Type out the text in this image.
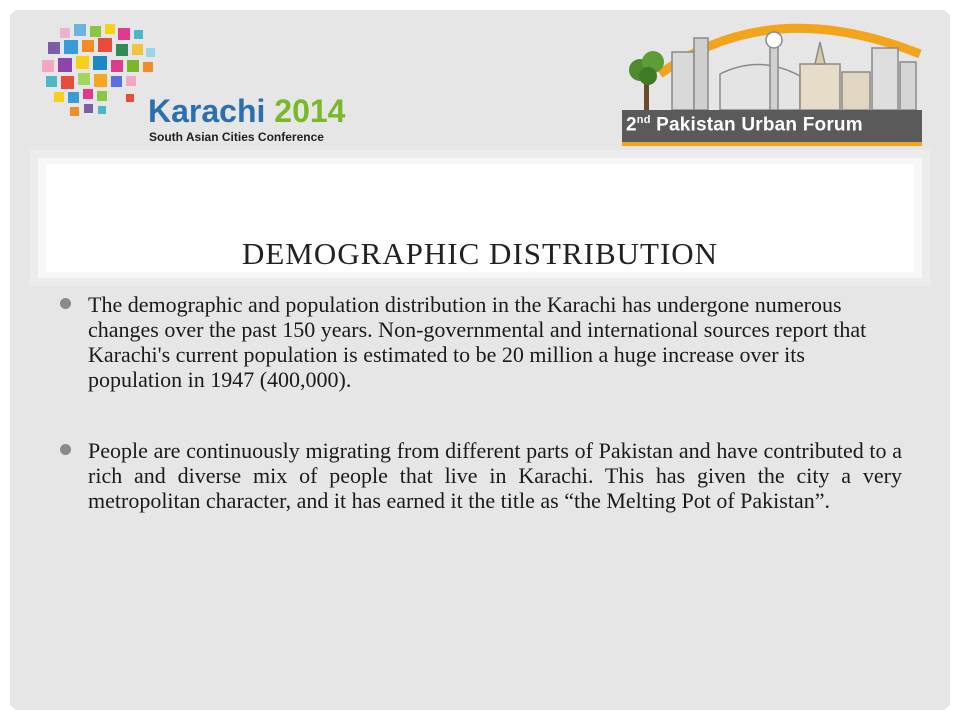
Karachi 2014
South Asian Cities Conference
2nd Pakistan Urban Forum
DEMOGRAPHIC DISTRIBUTION
The demographic and population distribution in the Karachi has undergone numerous changes over the past 150 years. Non-governmental and international sources report that Karachi's current population is estimated to be 20 million a huge increase over its population in 1947 (400,000).
People are continuously migrating from different parts of Pakistan and have contributed to a rich and diverse mix of people that live in Karachi. This has given the city a very metropolitan character, and it has earned it the title as “the Melting Pot of Pakistan”.
